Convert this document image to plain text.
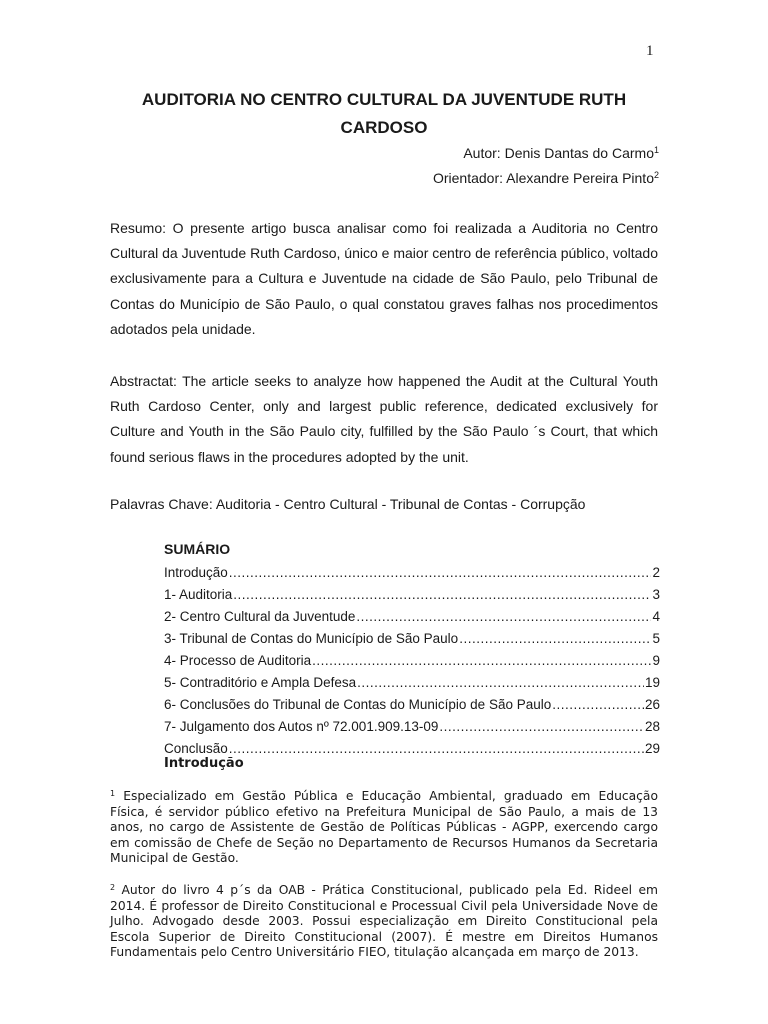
1
AUDITORIA NO CENTRO CULTURAL DA JUVENTUDE RUTH CARDOSO
Autor: Denis Dantas do Carmo$^1$
Orientador: Alexandre Pereira Pinto$^2$

Resumo: O presente artigo busca analisar como foi realizada a Auditoria no Centro Cultural da Juventude Ruth Cardoso, único e maior centro de referência público, voltado exclusivamente para a Cultura e Juventude na cidade de São Paulo, pelo Tribunal de Contas do Município de São Paulo, o qual constatou graves falhas nos procedimentos adotados pela unidade.

Abstractat: The article seeks to analyze how happened the Audit at the Cultural Youth Ruth Cardoso Center, only and largest public reference, dedicated exclusively for Culture and Youth in the São Paulo city, fulfilled by the São Paulo ´s Court, that which found serious flaws in the procedures adopted by the unit.

Palavras Chave: Auditoria - Centro Cultural - Tribunal de Contas - Corrupção

SUMÁRIO
Introdução .....	2
1- Auditoria .....	3
2- Centro Cultural da Juventude .....	4
3- Tribunal de Contas do Município de São Paulo .....	5
4- Processo de Auditoria .....	9
5- Contraditório e Ampla Defesa .....	19
6- Conclusões do Tribunal de Contas do Município de São Paulo .....	26
7- Julgamento dos Autos nº 72.001.909.13-09 .....	28
Conclusão .....	29
Introdução

$^1$ Especializado em Gestão Pública e Educação Ambiental, graduado em Educação Física, é servidor público efetivo na Prefeitura Municipal de São Paulo, a mais de 13 anos, no cargo de Assistente de Gestão de Políticas Públicas - AGPP, exercendo cargo em comissão de Chefe de Seção no Departamento de Recursos Humanos da Secretaria Municipal de Gestão.

$^2$ Autor do livro 4 p´s da OAB - Prática Constitucional, publicado pela Ed. Rideel em 2014. É professor de Direito Constitucional e Processual Civil pela Universidade Nove de Julho. Advogado desde 2003. Possui especialização em Direito Constitucional pela Escola Superior de Direito Constitucional (2007). É mestre em Direitos Humanos Fundamentais pelo Centro Universitário FIEO, titulação alcançada em março de 2013.
